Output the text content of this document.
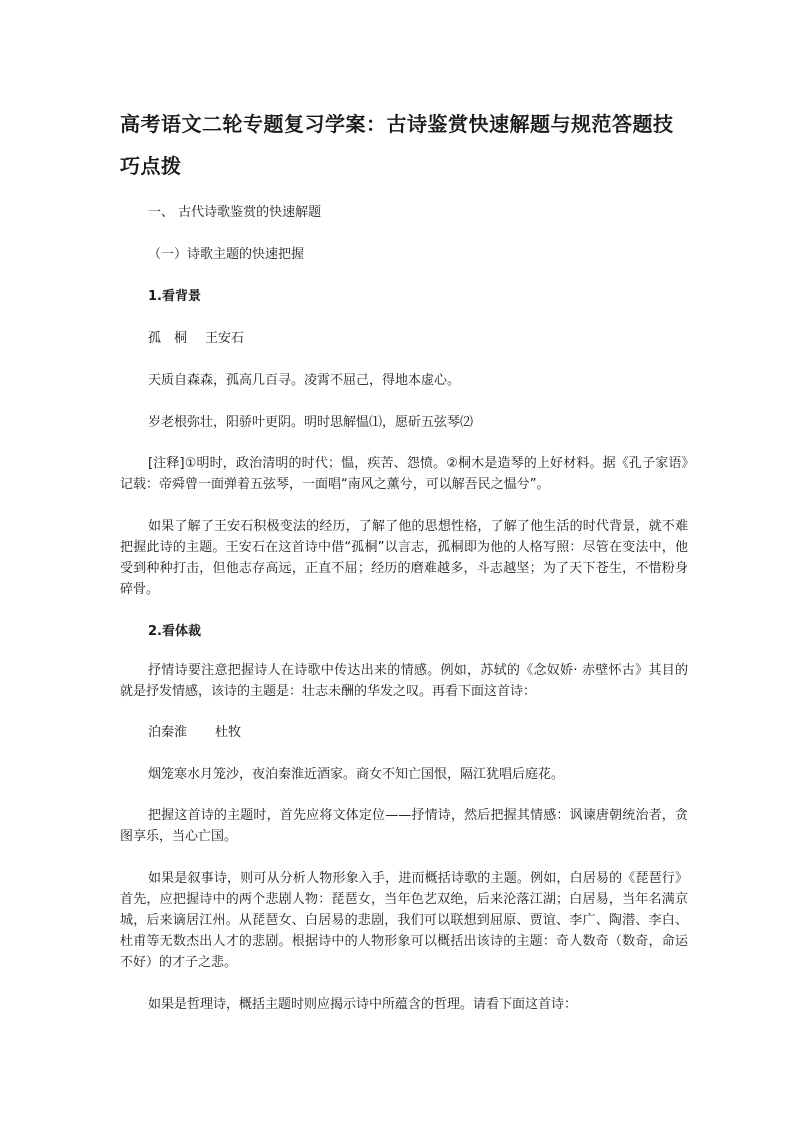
高考语文二轮专题复习学案：古诗鉴赏快速解题与规范答题技巧点拨

一、 古代诗歌鉴赏的快速解题

（一）诗歌主题的快速把握

1.看背景

孤　桐 王安石

天质自森森，孤高几百寻。凌霄不屈己，得地本虚心。

岁老根弥壮，阳骄叶更阴。明时思解愠⑴，愿斫五弦琴⑵

[注释]①明时，政治清明的时代；愠，疾苦、怨愤。②桐木是造琴的上好材料。据《孔子家语》记载：帝舜曾一面弹着五弦琴，一面唱“南风之薰兮，可以解吾民之愠兮”。

如果了解了王安石积极变法的经历，了解了他的思想性格，了解了他生活的时代背景，就不难把握此诗的主题。王安石在这首诗中借“孤桐”以言志，孤桐即为他的人格写照：尽管在变法中，他受到种种打击，但他志存高远，正直不屈；经历的磨难越多，斗志越坚；为了天下苍生，不惜粉身碎骨。

2.看体裁

抒情诗要注意把握诗人在诗歌中传达出来的情感。例如，苏轼的《念奴娇· 赤壁怀古》其目的就是抒发情感，该诗的主题是：壮志未酬的华发之叹。再看下面这首诗：

泊秦淮 杜牧

烟笼寒水月笼沙，夜泊秦淮近酒家。商女不知亡国恨，隔江犹唱后庭花。

把握这首诗的主题时，首先应将文体定位——抒情诗，然后把握其情感：讽谏唐朝统治者，贪图享乐，当心亡国。

如果是叙事诗，则可从分析人物形象入手，进而概括诗歌的主题。例如，白居易的《琵琶行》首先，应把握诗中的两个悲剧人物：琵琶女，当年色艺双绝，后来沦落江湖；白居易，当年名满京城，后来谪居江州。从琵琶女、白居易的悲剧，我们可以联想到屈原、贾谊、李广、陶潜、李白、杜甫等无数杰出人才的悲剧。根据诗中的人物形象可以概括出该诗的主题：奇人数奇（数奇，命运不好）的才子之悲。

如果是哲理诗，概括主题时则应揭示诗中所蕴含的哲理。请看下面这首诗：
